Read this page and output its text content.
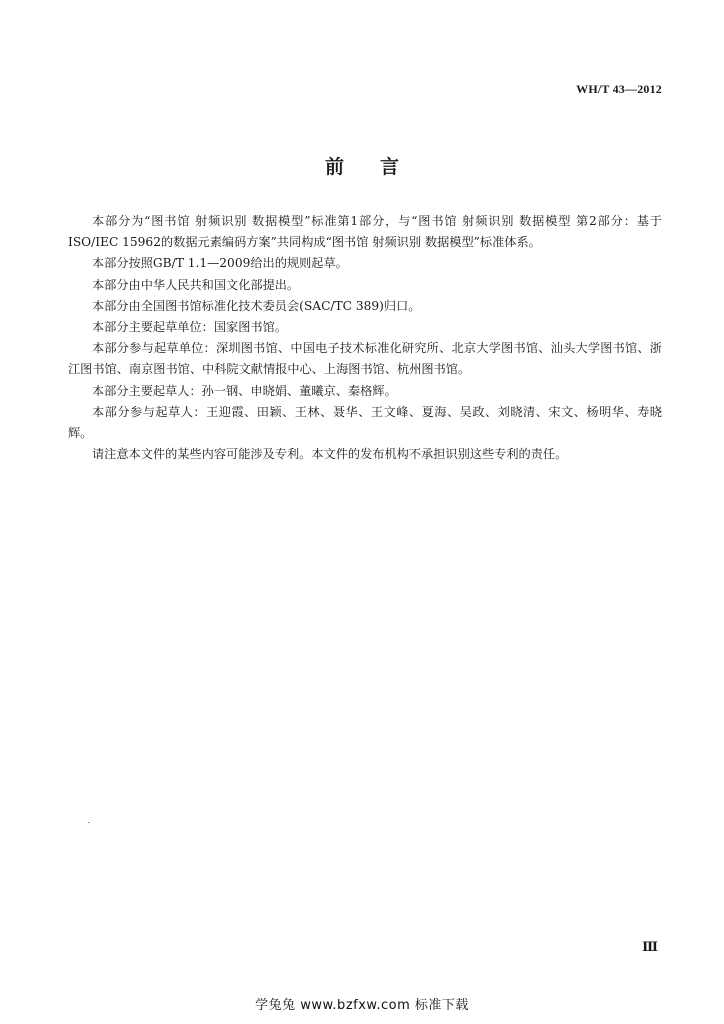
WH/T 43—2012
前言

本部分为“图书馆 射频识别 数据模型”标准第1部分，与“图书馆 射频识别 数据模型 第2部分：基于ISO/IEC 15962的数据元素编码方案”共同构成“图书馆 射频识别 数据模型”标准体系。

本部分按照GB/T 1.1—2009给出的规则起草。

本部分由中华人民共和国文化部提出。

本部分由全国图书馆标准化技术委员会(SAC/TC 389)归口。

本部分主要起草单位：国家图书馆。

本部分参与起草单位：深圳图书馆、中国电子技术标准化研究所、北京大学图书馆、汕头大学图书馆、浙江图书馆、南京图书馆、中科院文献情报中心、上海图书馆、杭州图书馆。

本部分主要起草人：孙一钢、申晓娟、董曦京、秦格辉。

本部分参与起草人：王迎霞、田颖、王林、聂华、王文峰、夏海、吴政、刘晓清、宋文、杨明华、寿晓辉。

请注意本文件的某些内容可能涉及专利。本文件的发布机构不承担识别这些专利的责任。

Ⅲ
学兔兔 www.bzfxw.com 标准下载
